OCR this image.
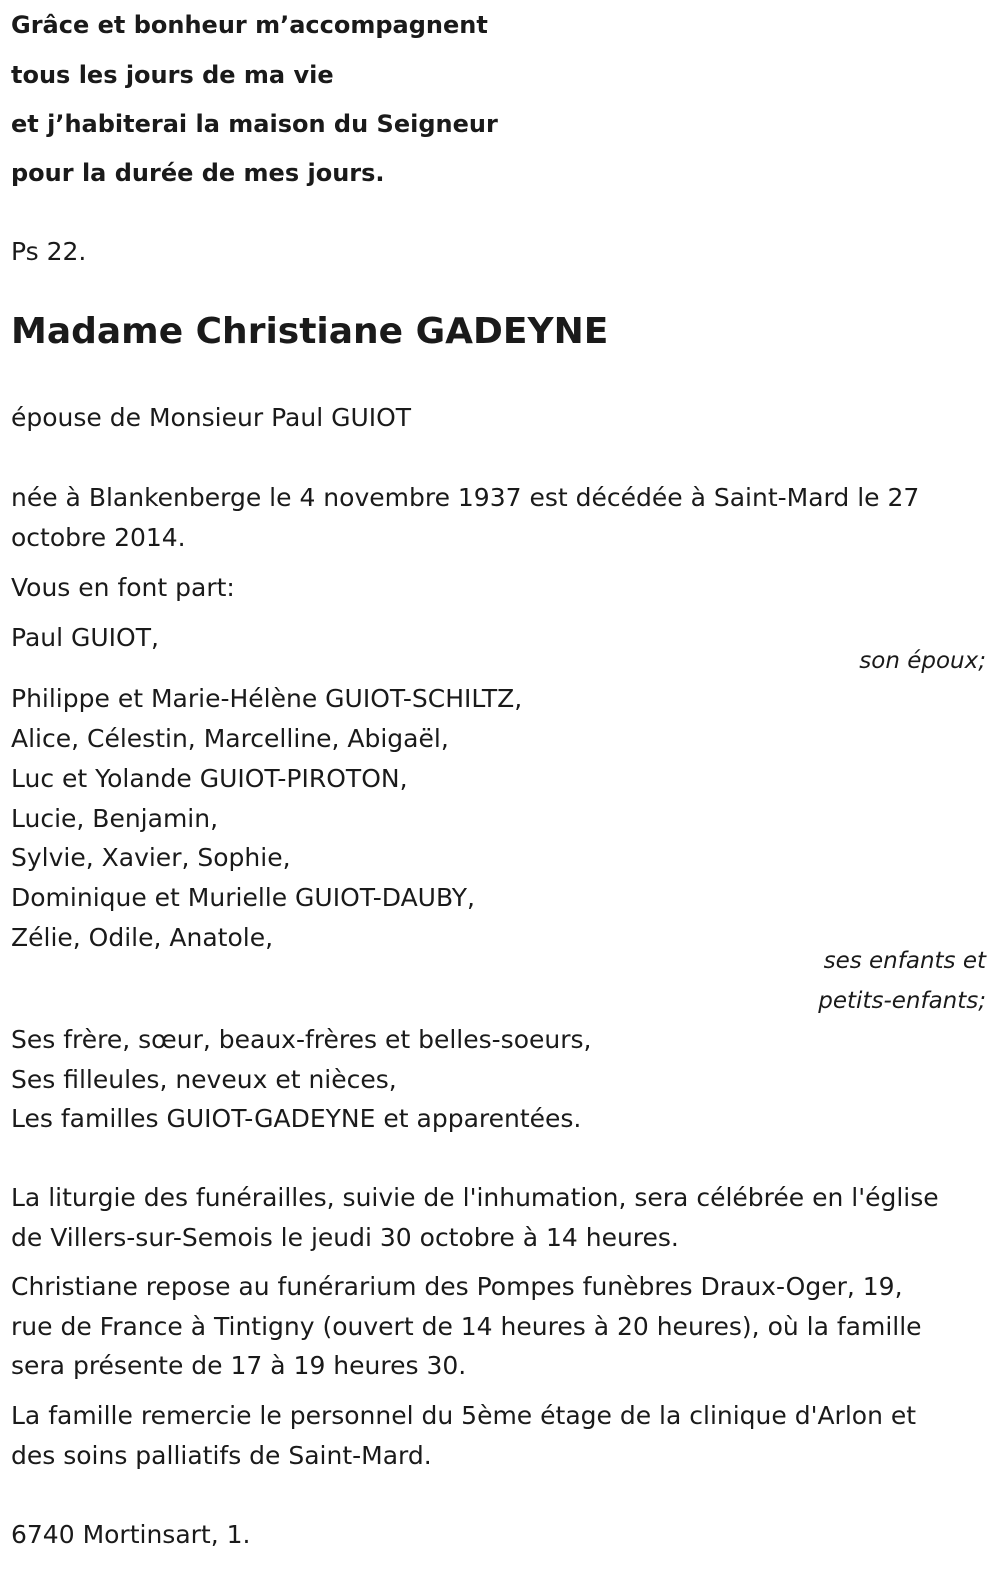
Grâce et bonheur m’accompagnent
tous les jours de ma vie
et j’habiterai la maison du Seigneur
pour la durée de mes jours.
Ps 22.
Madame Christiane GADEYNE
épouse de Monsieur Paul GUIOT
née à Blankenberge le 4 novembre 1937 est décédée à Saint-Mard le 27
octobre 2014.
Vous en font part:
Paul GUIOT,
son époux;
Philippe et Marie-Hélène GUIOT-SCHILTZ,
Alice, Célestin, Marcelline, Abigaël,
Luc et Yolande GUIOT-PIROTON,
Lucie, Benjamin,
Sylvie, Xavier, Sophie,
Dominique et Murielle GUIOT-DAUBY,
Zélie, Odile, Anatole,
ses enfants et
petits-enfants;
Ses frère, sœur, beaux-frères et belles-soeurs,
Ses filleules, neveux et nièces,
Les familles GUIOT-GADEYNE et apparentées.
La liturgie des funérailles, suivie de l'inhumation, sera célébrée en l'église
de Villers-sur-Semois le jeudi 30 octobre à 14 heures.
Christiane repose au funérarium des Pompes funèbres Draux-Oger, 19,
rue de France à Tintigny (ouvert de 14 heures à 20 heures), où la famille
sera présente de 17 à 19 heures 30.
La famille remercie le personnel du 5ème étage de la clinique d'Arlon et
des soins palliatifs de Saint-Mard.
6740 Mortinsart, 1.
